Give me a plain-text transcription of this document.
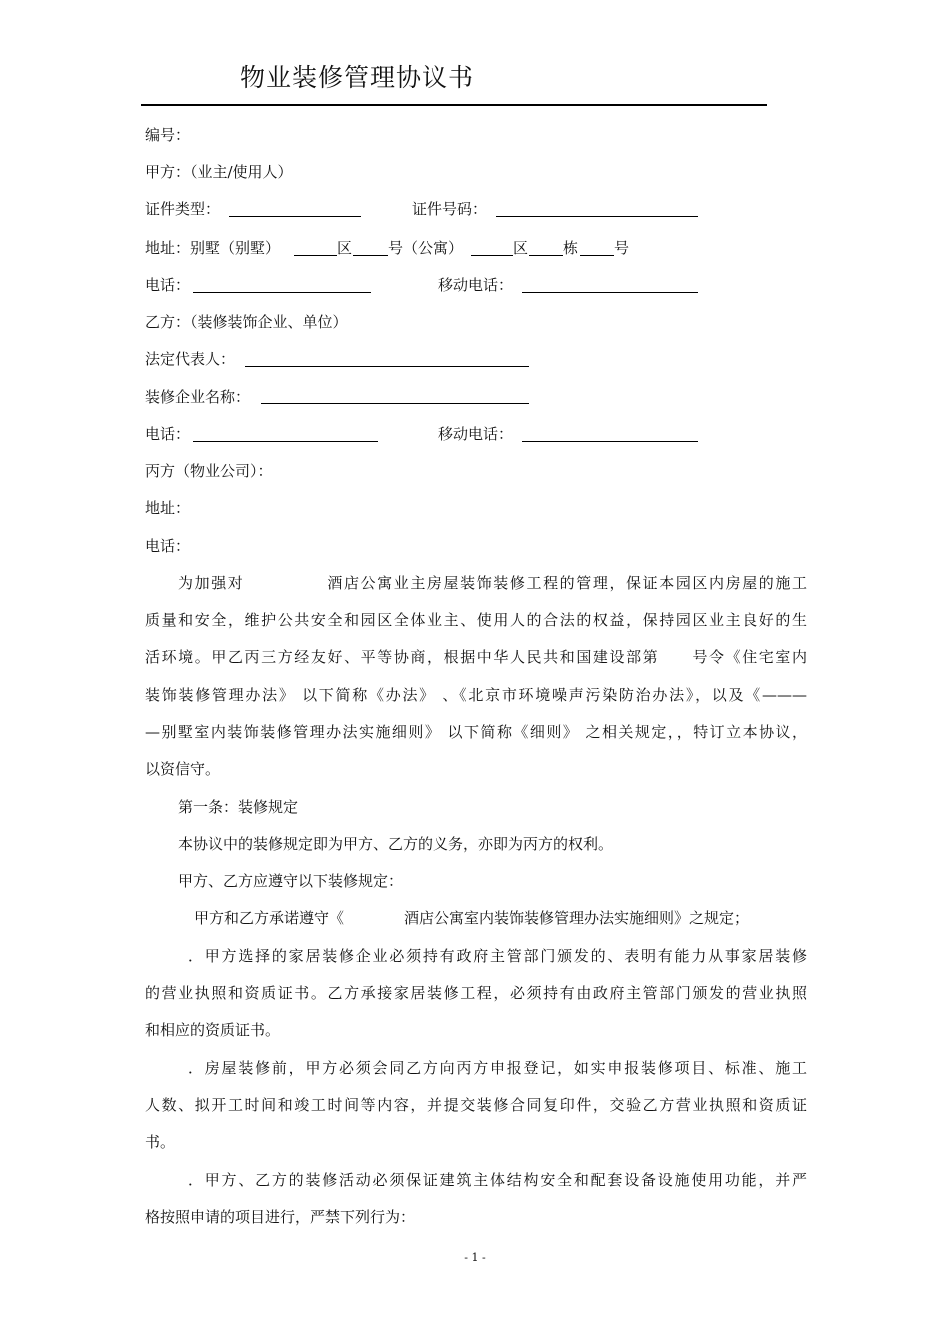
物业装修管理协议书
编号：
甲方：（业主/使用人）
证件类型：	证件号码：
地址：别墅（别墅）	区 号（公寓）	区 栋 号
电话：	移动电话：
乙方：（装修装饰企业、单位）
法定代表人：
装修企业名称：
电话：	移动电话：
丙方（物业公司）：
地址：
电话：
为加强对　　　　　酒店公寓业主房屋装饰装修工程的管理，保证本园区内房屋的施工
质量和安全，维护公共安全和园区全体业主、使用人的合法的权益，保持园区业主良好的生
活环境。甲乙丙三方经友好、平等协商，根据中华人民共和国建设部第　　号令《住宅室内
装饰装修管理办法》 以下简称《办法》 、《北京市环境噪声污染防治办法》，以及《———
—别墅室内装饰装修管理办法实施细则》 以下简称《细则》 之相关规定，，特订立本协议，
以资信守。
第一条：装修规定
本协议中的装修规定即为甲方、乙方的义务，亦即为丙方的权利。
甲方、乙方应遵守以下装修规定：
甲方和乙方承诺遵守《　　　　酒店公寓室内装饰装修管理办法实施细则》之规定；
．甲方选择的家居装修企业必须持有政府主管部门颁发的、表明有能力从事家居装修
的营业执照和资质证书。乙方承接家居装修工程，必须持有由政府主管部门颁发的营业执照
和相应的资质证书。
．房屋装修前，甲方必须会同乙方向丙方申报登记，如实申报装修项目、标准、施工
人数、拟开工时间和竣工时间等内容，并提交装修合同复印件，交验乙方营业执照和资质证
书。
．甲方、乙方的装修活动必须保证建筑主体结构安全和配套设备设施使用功能，并严
格按照申请的项目进行，严禁下列行为：
- 1 -
